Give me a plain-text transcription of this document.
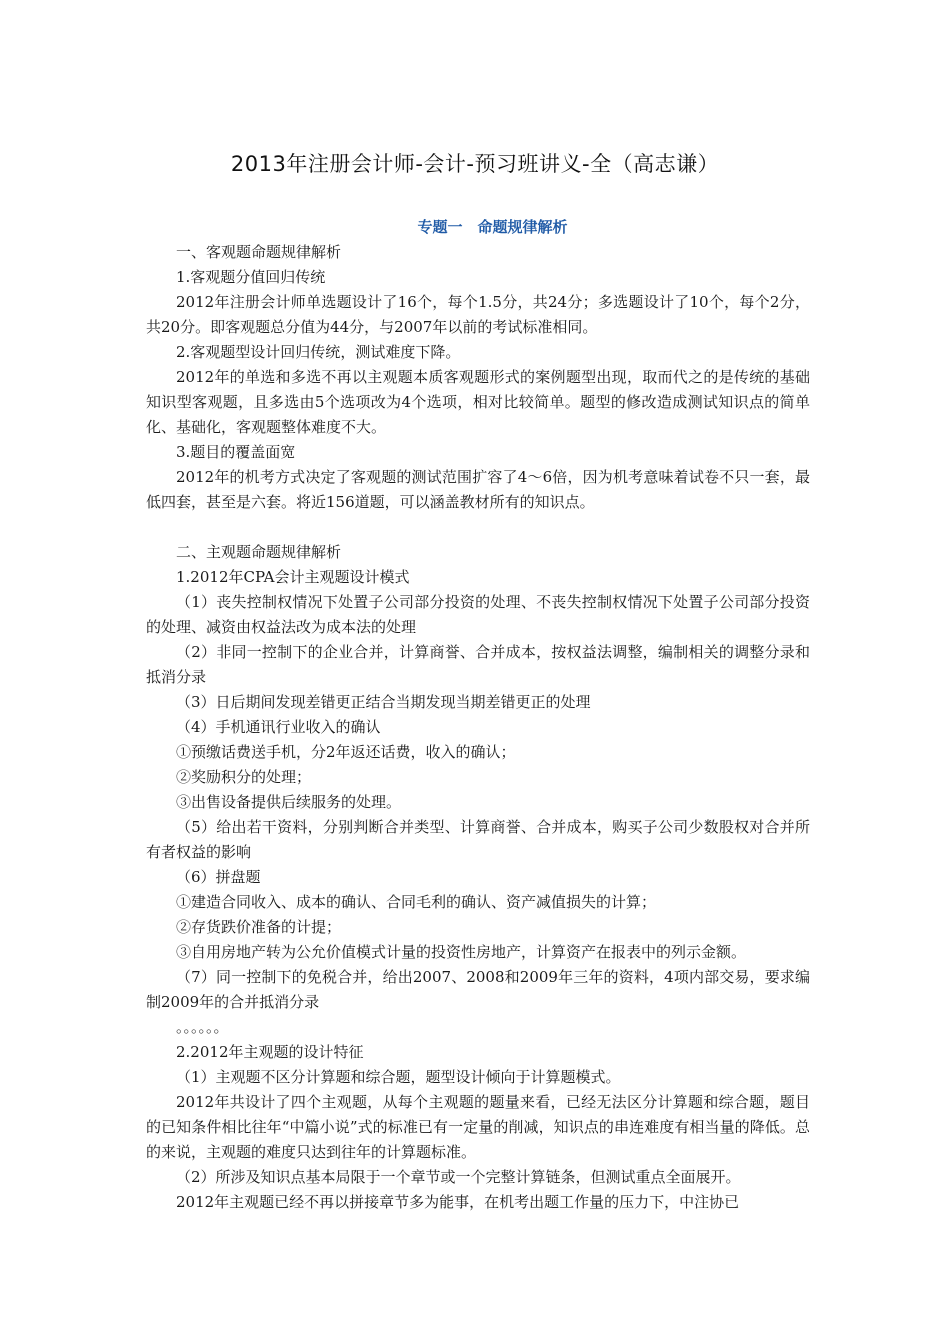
2013年注册会计师-会计-预习班讲义-全（高志谦）
专题一　命题规律解析

一、客观题命题规律解析

1.客观题分值回归传统

2012年注册会计师单选题设计了16个，每个1.5分，共24分；多选题设计了10个，每个2分，共20分。即客观题总分值为44分，与2007年以前的考试标准相同。

2.客观题型设计回归传统，测试难度下降。

2012年的单选和多选不再以主观题本质客观题形式的案例题型出现，取而代之的是传统的基础知识型客观题，且多选由5个选项改为4个选项，相对比较简单。题型的修改造成测试知识点的简单化、基础化，客观题整体难度不大。

3.题目的覆盖面宽

2012年的机考方式决定了客观题的测试范围扩容了4～6倍，因为机考意味着试卷不只一套，最低四套，甚至是六套。将近156道题，可以涵盖教材所有的知识点。

二、主观题命题规律解析

1.2012年CPA会计主观题设计模式

（1）丧失控制权情况下处置子公司部分投资的处理、不丧失控制权情况下处置子公司部分投资的处理、减资由权益法改为成本法的处理

（2）非同一控制下的企业合并，计算商誉、合并成本，按权益法调整，编制相关的调整分录和抵消分录

（3）日后期间发现差错更正结合当期发现当期差错更正的处理

（4）手机通讯行业收入的确认

①预缴话费送手机，分2年返还话费，收入的确认；

②奖励积分的处理；

③出售设备提供后续服务的处理。

（5）给出若干资料，分别判断合并类型、计算商誉、合并成本，购买子公司少数股权对合并所有者权益的影响

（6）拼盘题

①建造合同收入、成本的确认、合同毛利的确认、资产减值损失的计算；

②存货跌价准备的计提；

③自用房地产转为公允价值模式计量的投资性房地产，计算资产在报表中的列示金额。

（7）同一控制下的免税合并，给出2007、2008和2009年三年的资料，4项内部交易，要求编制2009年的合并抵消分录

。。。。。。

2.2012年主观题的设计特征

（1）主观题不区分计算题和综合题，题型设计倾向于计算题模式。

2012年共设计了四个主观题，从每个主观题的题量来看，已经无法区分计算题和综合题，题目的已知条件相比往年“中篇小说”式的标准已有一定量的削减，知识点的串连难度有相当量的降低。总的来说，主观题的难度只达到往年的计算题标准。

（2）所涉及知识点基本局限于一个章节或一个完整计算链条，但测试重点全面展开。

2012年主观题已经不再以拼接章节多为能事，在机考出题工作量的压力下，中注协已
